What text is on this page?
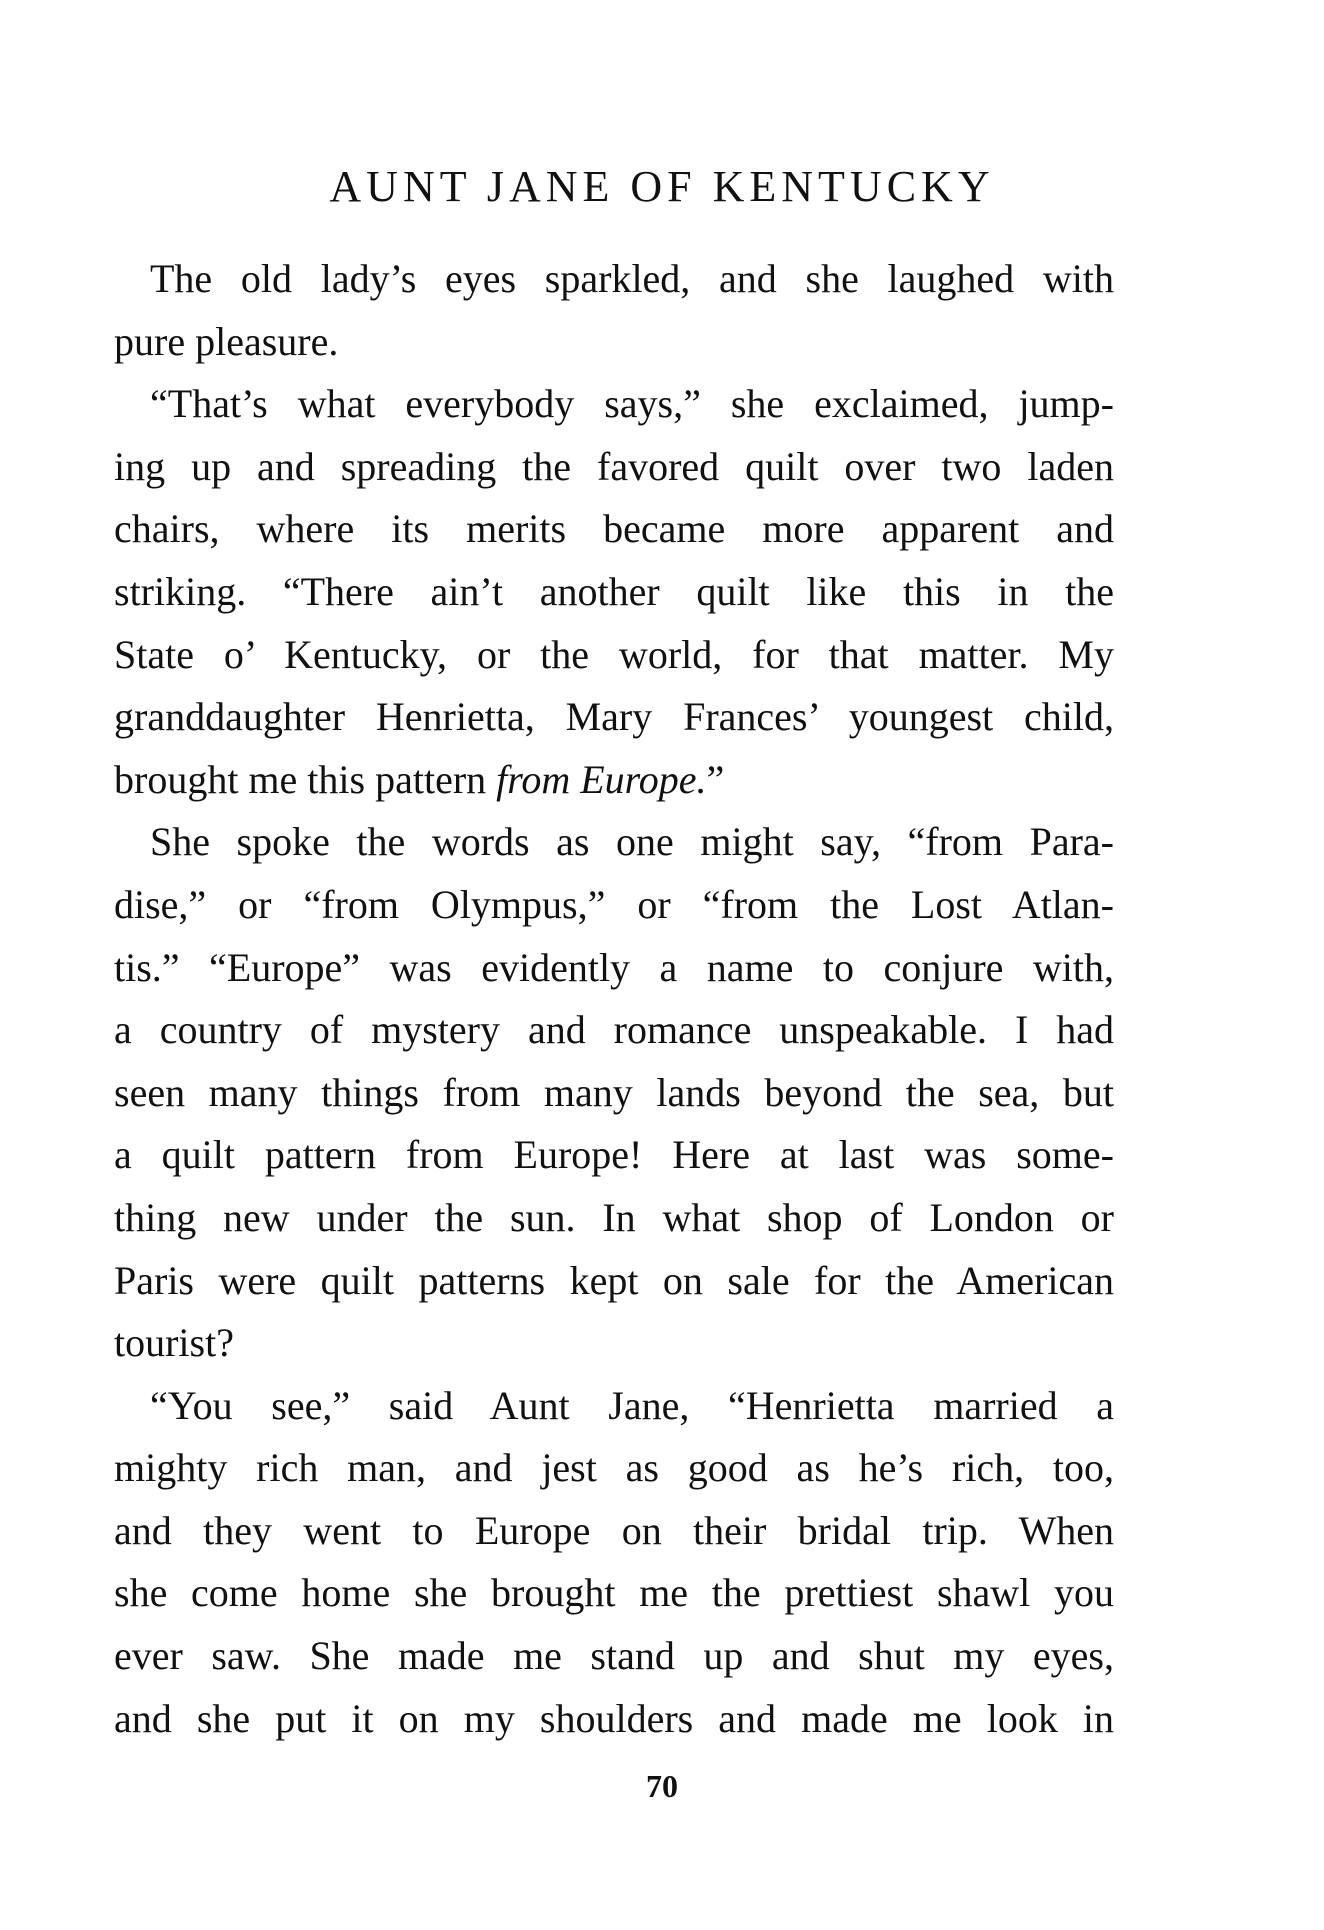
AUNT JANE OF KENTUCKY
The old lady’s eyes sparkled, and she laughed with
pure pleasure.
“That’s what everybody says,” she exclaimed, jump-
ing up and spreading the favored quilt over two laden
chairs, where its merits became more apparent and
striking. “There ain’t another quilt like this in the
State o’ Kentucky, or the world, for that matter. My
granddaughter Henrietta, Mary Frances’ youngest child,
brought me this pattern from Europe.”
She spoke the words as one might say, “from Para-
dise,” or “from Olympus,” or “from the Lost Atlan-
tis.” “Europe” was evidently a name to conjure with,
a country of mystery and romance unspeakable. I had
seen many things from many lands beyond the sea, but
a quilt pattern from Europe! Here at last was some-
thing new under the sun. In what shop of London or
Paris were quilt patterns kept on sale for the American
tourist?
“You see,” said Aunt Jane, “Henrietta married a
mighty rich man, and jest as good as he’s rich, too,
and they went to Europe on their bridal trip. When
she come home she brought me the prettiest shawl you
ever saw. She made me stand up and shut my eyes,
and she put it on my shoulders and made me look in
70
